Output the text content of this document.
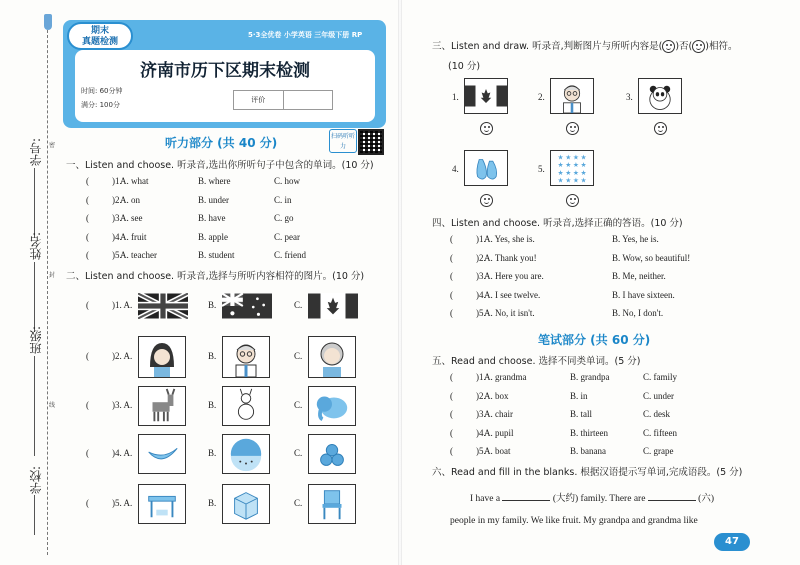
学号:
姓名:
班级:
学校:
密
封
线
5·3全优卷 小学英语 三年级下册 RP
济南市历下区期末检测
时间: 60分钟
满分: 100分
评价
期末
真题检测
听力部分 (共 40 分)	扫码听听力
一、Listen and choose. 听录音,选出你所听句子中包含的单词。(10 分)
(	)1.
A. what	B. where	C. how
(	)2.
A. on	B. under	C. in
(	)3.
A. see	B. have	C. go
(	)4.
A. fruit	B. apple	C. pear
(	)5.
A. teacher	B. student	C. friend
二、Listen and choose. 听录音,选择与所听内容相符的图片。(10 分)
(	)1. A.	B.	C.
(	)2. A.	B.	C.
(	)3. A.	B.	C.
(	)4. A.	B.	C.
(	)5. A.	B.	C.
三、Listen and draw. 听录音,判断图片与所听内容是( )否( )相符。
(10 分)
1.	2.	3.
4.	5.
★ ★ ★ ★
★ ★ ★ ★
★ ★ ★ ★
★ ★ ★ ★
四、Listen and choose. 听录音,选择正确的答语。(10 分)
(	)1.
A. Yes, she is.	B. Yes, he is.
(	)2.
A. Thank you!	B. Wow, so beautiful!
(	)3.
A. Here you are.	B. Me, neither.
(	)4.
A. I see twelve.	B. I have sixteen.
(	)5.
A. No, it isn't.	B. No, I don't.
笔试部分 (共 60 分)
五、Read and choose. 选择不同类单词。(5 分)
(	)1.
A. grandma	B. grandpa	C. family
(	)2.
A. box	B. in	C. under
(	)3.
A. chair	B. tall	C. desk
(	)4.
A. pupil	B. thirteen	C. fifteen
(	)5.
A. boat	B. banana	C. grape
六、Read and fill in the blanks. 根据汉语提示写单词,完成语段。(5 分)
I have a	(大约) family. There are	(六)
people in my family. We like fruit. My grandpa and grandma like
47
